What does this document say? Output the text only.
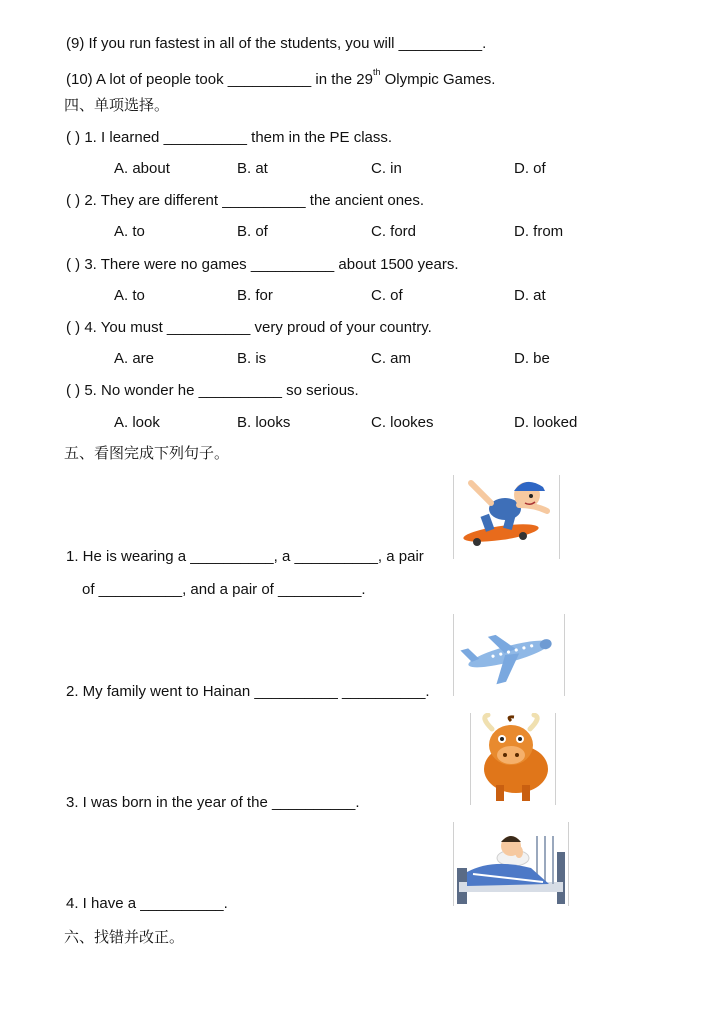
(9) If you run fastest in all of the students, you will __________.
(10) A lot of people took __________ in the 29th Olympic Games.
四、单项选择。
( ) 1. I learned __________ them in the PE class.
A. about	B. at	C. in	D. of
( ) 2. They are different __________ the ancient ones.
A. to	B. of	C. ford	D. from
( ) 3. There were no games __________ about 1500 years.
A. to	B. for	C. of	D. at
( ) 4. You must __________ very proud of your country.
A. are	B. is	C. am	D. be
( ) 5. No wonder he __________ so serious.
A. look	B. looks	C. lookes	D. looked
五、看图完成下列句子。
1. He is wearing a __________, a __________, a pair
of __________, and a pair of __________.
2. My family went to Hainan __________ __________.
3. I was born in the year of the __________.
4. I have a __________.
六、找错并改正。
